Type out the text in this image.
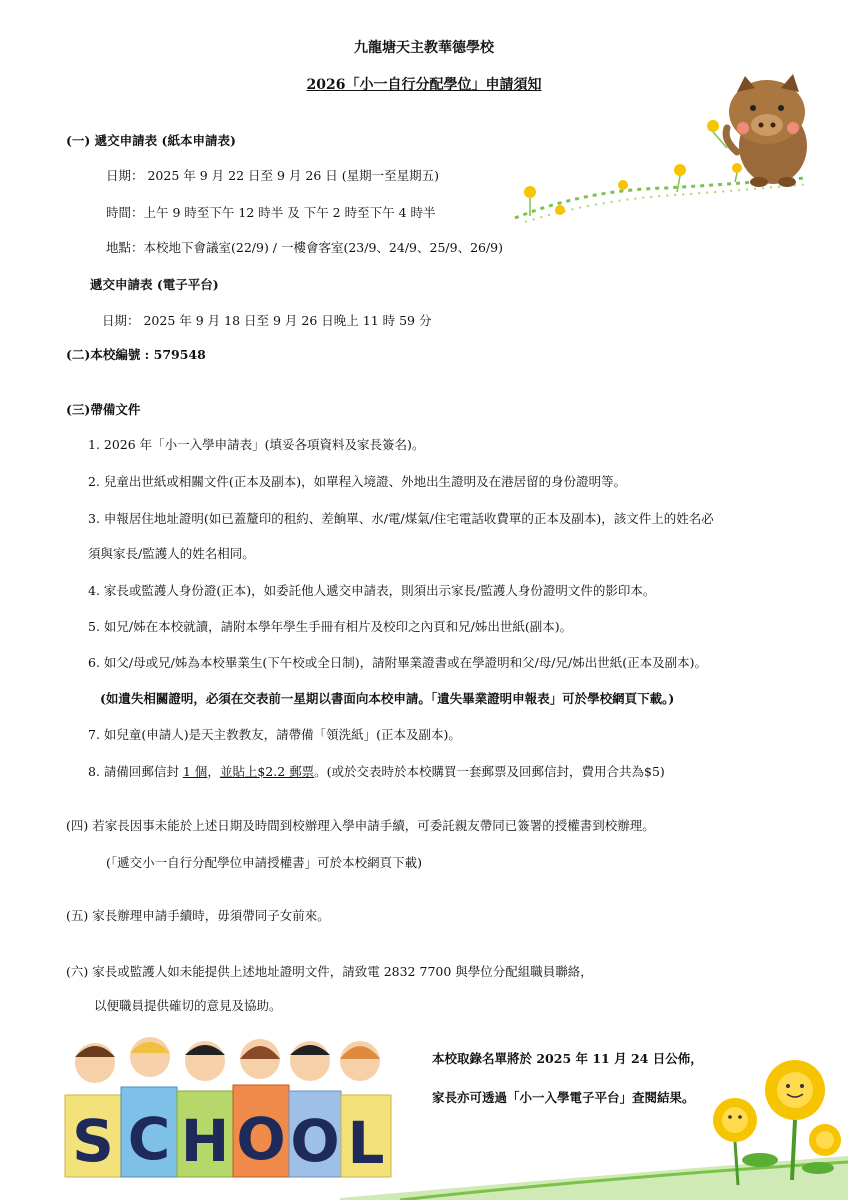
九龍塘天主教華德學校
2026「小一自行分配學位」申請須知
(一) 遞交申請表 (紙本申請表)
日期： 2025 年 9 月 22 日至 9 月 26 日 (星期一至星期五)
時間：上午 9 時至下午 12 時半 及 下午 2 時至下午 4 時半
地點：本校地下會議室(22/9) / 一樓會客室(23/9、24/9、25/9、26/9)
遞交申請表 (電子平台)
日期： 2025 年 9 月 18 日至 9 月 26 日晚上 11 時 59 分
(二)本校編號 : 579548
(三)帶備文件
1. 2026 年「小一入學申請表」(填妥各項資料及家長簽名)。
2. 兒童出世紙或相關文件(正本及副本)，如單程入境證、外地出生證明及在港居留的身份證明等。
3. 申報居住地址證明(如已蓋釐印的租約、差餉單、水/電/煤氣/住宅電話收費單的正本及副本)，該文件上的姓名必
須與家長/監護人的姓名相同。
4. 家長或監護人身份證(正本)，如委託他人遞交申請表，則須出示家長/監護人身份證明文件的影印本。
5. 如兄/姊在本校就讀，請附本學年學生手冊有相片及校印之內頁和兄/姊出世紙(副本)。
6. 如父/母或兄/姊為本校畢業生(下午校或全日制)，請附畢業證書或在學證明和父/母/兄/姊出世紙(正本及副本)。
(如遺失相關證明，必須在交表前一星期以書面向本校申請。「遺失畢業證明申報表」可於學校網頁下載。)
7. 如兒童(申請人)是天主教教友，請帶備「領洗紙」(正本及副本)。
8. 請備回郵信封 1 個，並貼上$2.2 郵票。(或於交表時於本校購買一套郵票及回郵信封，費用合共為$5)
(四) 若家長因事未能於上述日期及時間到校辦理入學申請手續，可委託親友帶同已簽署的授權書到校辦理。
(「遞交小一自行分配學位申請授權書」可於本校網頁下載)
(五) 家長辦理申請手續時，毋須帶同子女前來。
(六) 家長或監護人如未能提供上述地址證明文件，請致電 2832 7700 與學位分配組職員聯絡，
以便職員提供確切的意見及協助。
本校取錄名單將於 2025 年 11 月 24 日公佈，
家長亦可透過「小一入學電子平台」查閱結果。
S C H O O L
